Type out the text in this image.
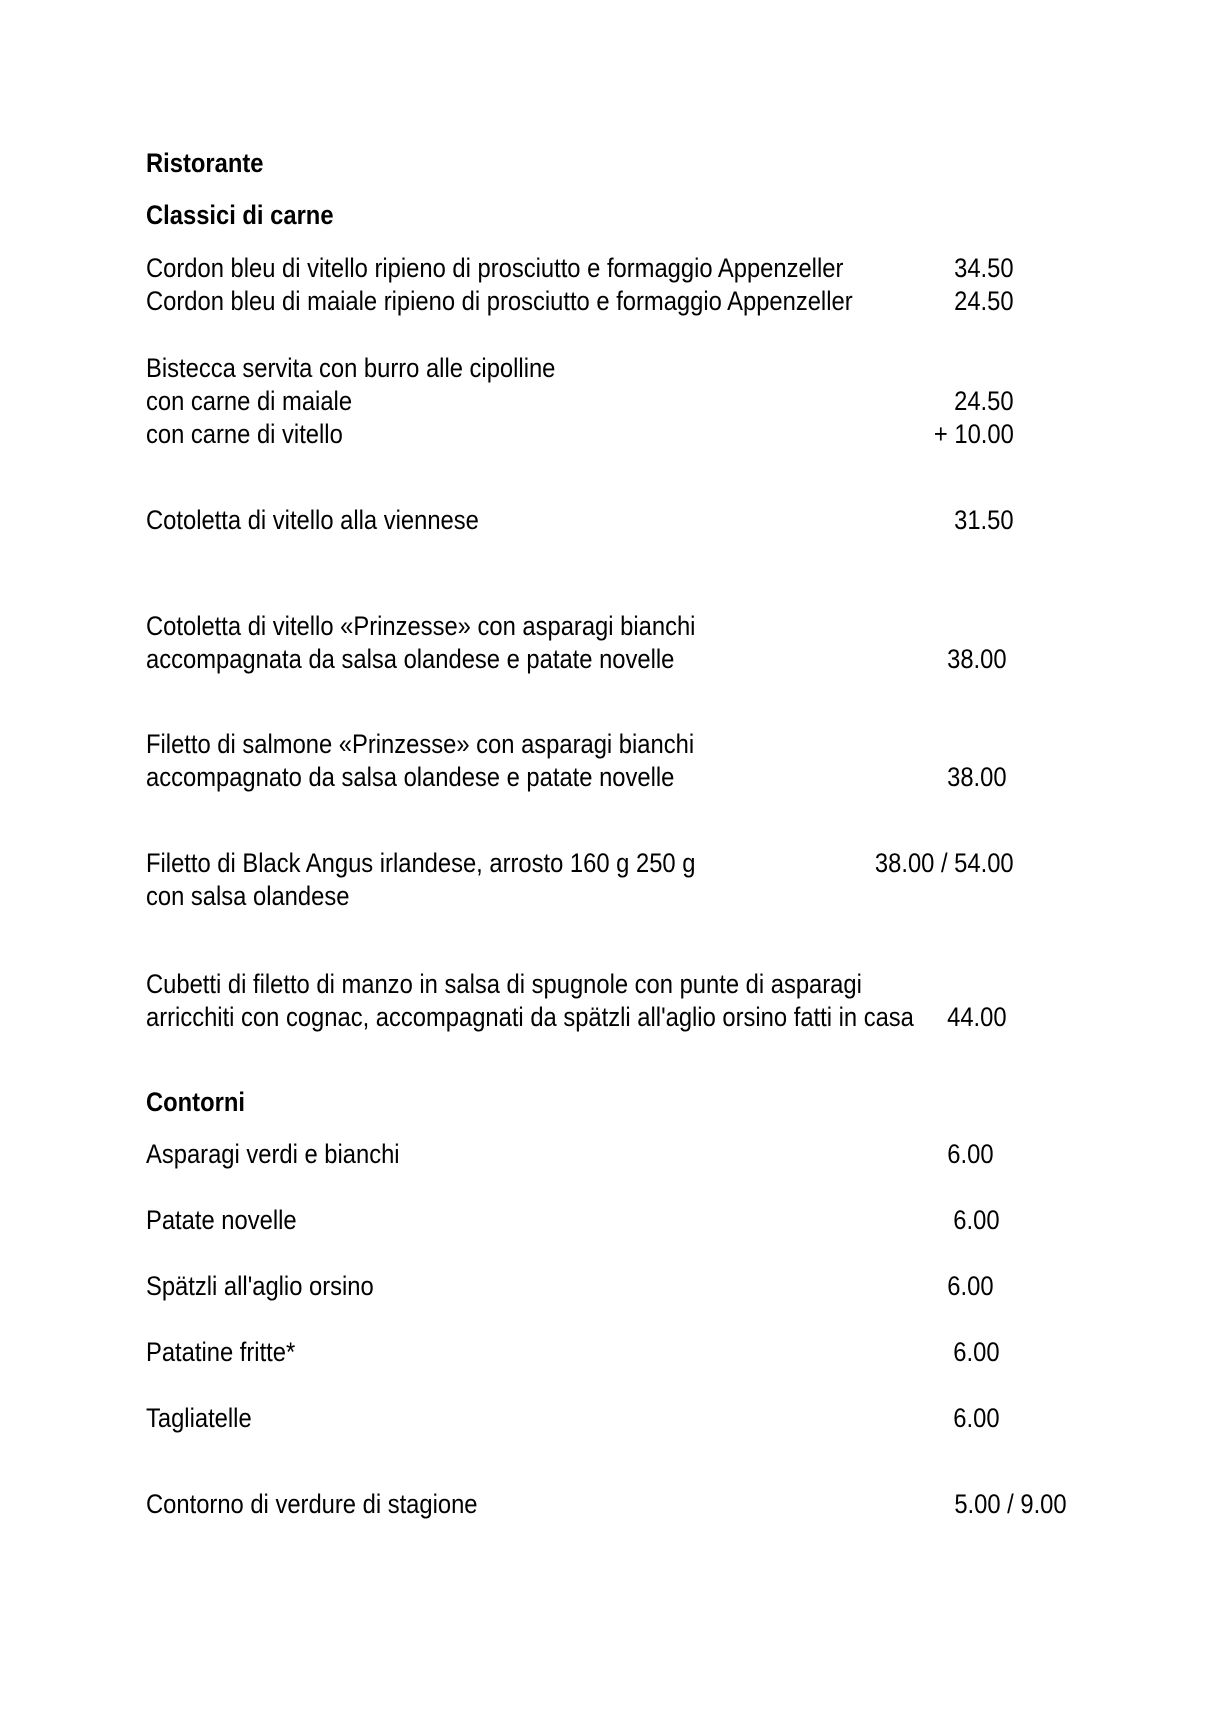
Ristorante
Classici di carne
Cordon bleu di vitello ripieno di prosciutto e formaggio Appenzeller	34.50
Cordon bleu di maiale ripieno di prosciutto e formaggio Appenzeller	24.50
Bistecca servita con burro alle cipolline
con carne di maiale	24.50
con carne di vitello	+ 10.00
Cotoletta di vitello alla viennese	31.50
Cotoletta di vitello «Prinzesse» con asparagi bianchi
accompagnata da salsa olandese e patate novelle	38.00
Filetto di salmone «Prinzesse» con asparagi bianchi
accompagnato da salsa olandese e patate novelle	38.00
Filetto di Black Angus irlandese, arrosto 160 g 250 g	38.00 / 54.00
con salsa olandese
Cubetti di filetto di manzo in salsa di spugnole con punte di asparagi
arricchiti con cognac, accompagnati da spätzli all'aglio orsino fatti in casa 44.00
Contorni
Asparagi verdi e bianchi	6.00
Patate novelle	6.00
Spätzli all'aglio orsino	6.00
Patatine fritte*	6.00
Tagliatelle	6.00
Contorno di verdure di stagione	5.00 / 9.00
